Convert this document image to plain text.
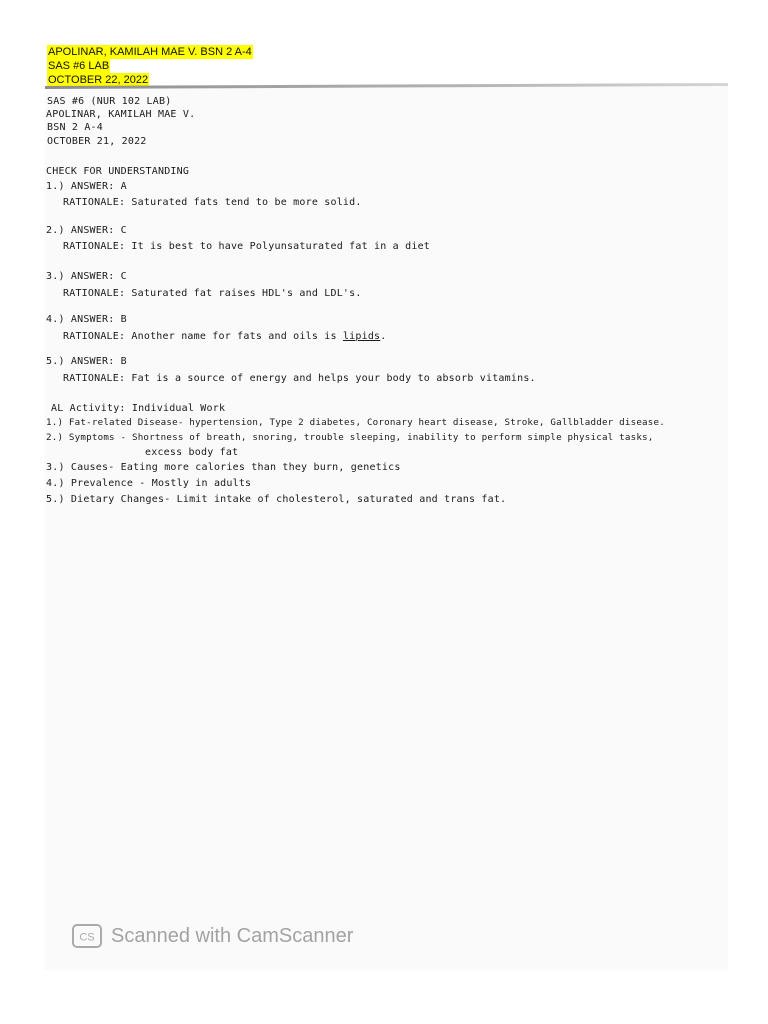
APOLINAR, KAMILAH MAE V. BSN 2 A-4
SAS #6 LAB
OCTOBER 22, 2022
SAS #6 (NUR 102 LAB)
APOLINAR, KAMILAH MAE V.
BSN 2 A-4
OCTOBER 21, 2022
CHECK FOR UNDERSTANDING
1.) ANSWER: A
RATIONALE: Saturated fats tend to be more solid.
2.) ANSWER: C
RATIONALE: It is best to have Polyunsaturated fat in a diet
3.) ANSWER: C
RATIONALE: Saturated fat raises HDL's and LDL's.
4.) ANSWER: B
RATIONALE: Another name for fats and oils is lipids.
5.) ANSWER: B
RATIONALE: Fat is a source of energy and helps your body to absorb vitamins.
AL Activity: Individual Work
1.) Fat-related Disease- hypertension, Type 2 diabetes, Coronary heart disease, Stroke, Gallbladder disease.
2.) Symptoms - Shortness of breath, snoring, trouble sleeping, inability to perform simple physical tasks,
excess body fat
3.) Causes- Eating more calories than they burn, genetics
4.) Prevalence - Mostly in adults
5.) Dietary Changes- Limit intake of cholesterol, saturated and trans fat.
CS Scanned with CamScanner
